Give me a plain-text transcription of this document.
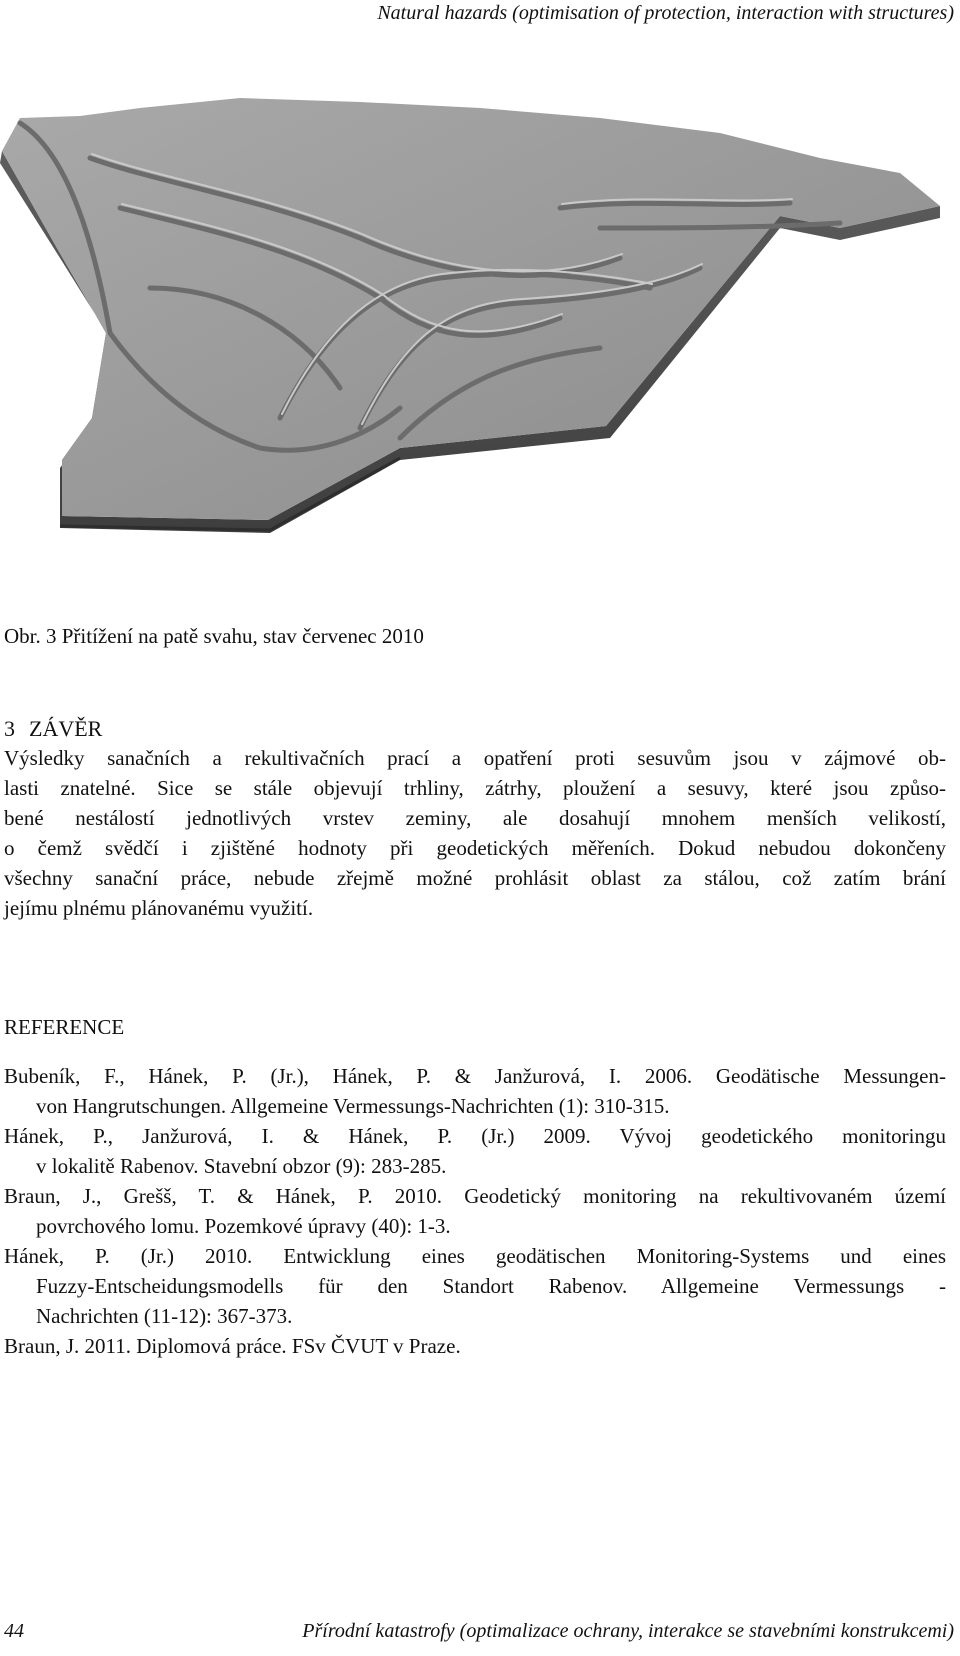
Natural hazards (optimisation of protection, interaction with structures)
Obr. 3 Přitížení na patě svahu, stav červenec 2010
3 ZÁVĚR
Výsledky sanačních a rekultivačních prací a opatření proti sesuvům jsou v zájmové ob-
lasti znatelné. Sice se stále objevují trhliny, zátrhy, ploužení a sesuvy, které jsou způso-
bené nestálostí jednotlivých vrstev zeminy, ale dosahují mnohem menších velikostí,
o čemž svědčí i zjištěné hodnoty při geodetických měřeních. Dokud nebudou dokončeny
všechny sanační práce, nebude zřejmě možné prohlásit oblast za stálou, což zatím brání
jejímu plnému plánovanému využití.
REFERENCE
Bubeník, F., Hánek, P. (Jr.), Hánek, P. & Janžurová, I. 2006. Geodätische Messungen-
von Hangrutschungen. Allgemeine Vermessungs-Nachrichten (1): 310-315.
Hánek, P., Janžurová, I. & Hánek, P. (Jr.) 2009. Vývoj geodetického monitoringu
v lokalitě Rabenov. Stavební obzor (9): 283-285.
Braun, J., Grešš, T. & Hánek, P. 2010. Geodetický monitoring na rekultivovaném území
povrchového lomu. Pozemkové úpravy (40): 1-3.
Hánek, P. (Jr.) 2010. Entwicklung eines geodätischen Monitoring-Systems und eines
Fuzzy-Entscheidungsmodells für den Standort Rabenov. Allgemeine Vermessungs -
Nachrichten (11-12): 367-373.
Braun, J. 2011. Diplomová práce. FSv ČVUT v Praze.
44	Přírodní katastrofy (optimalizace ochrany, interakce se stavebními konstrukcemi)
